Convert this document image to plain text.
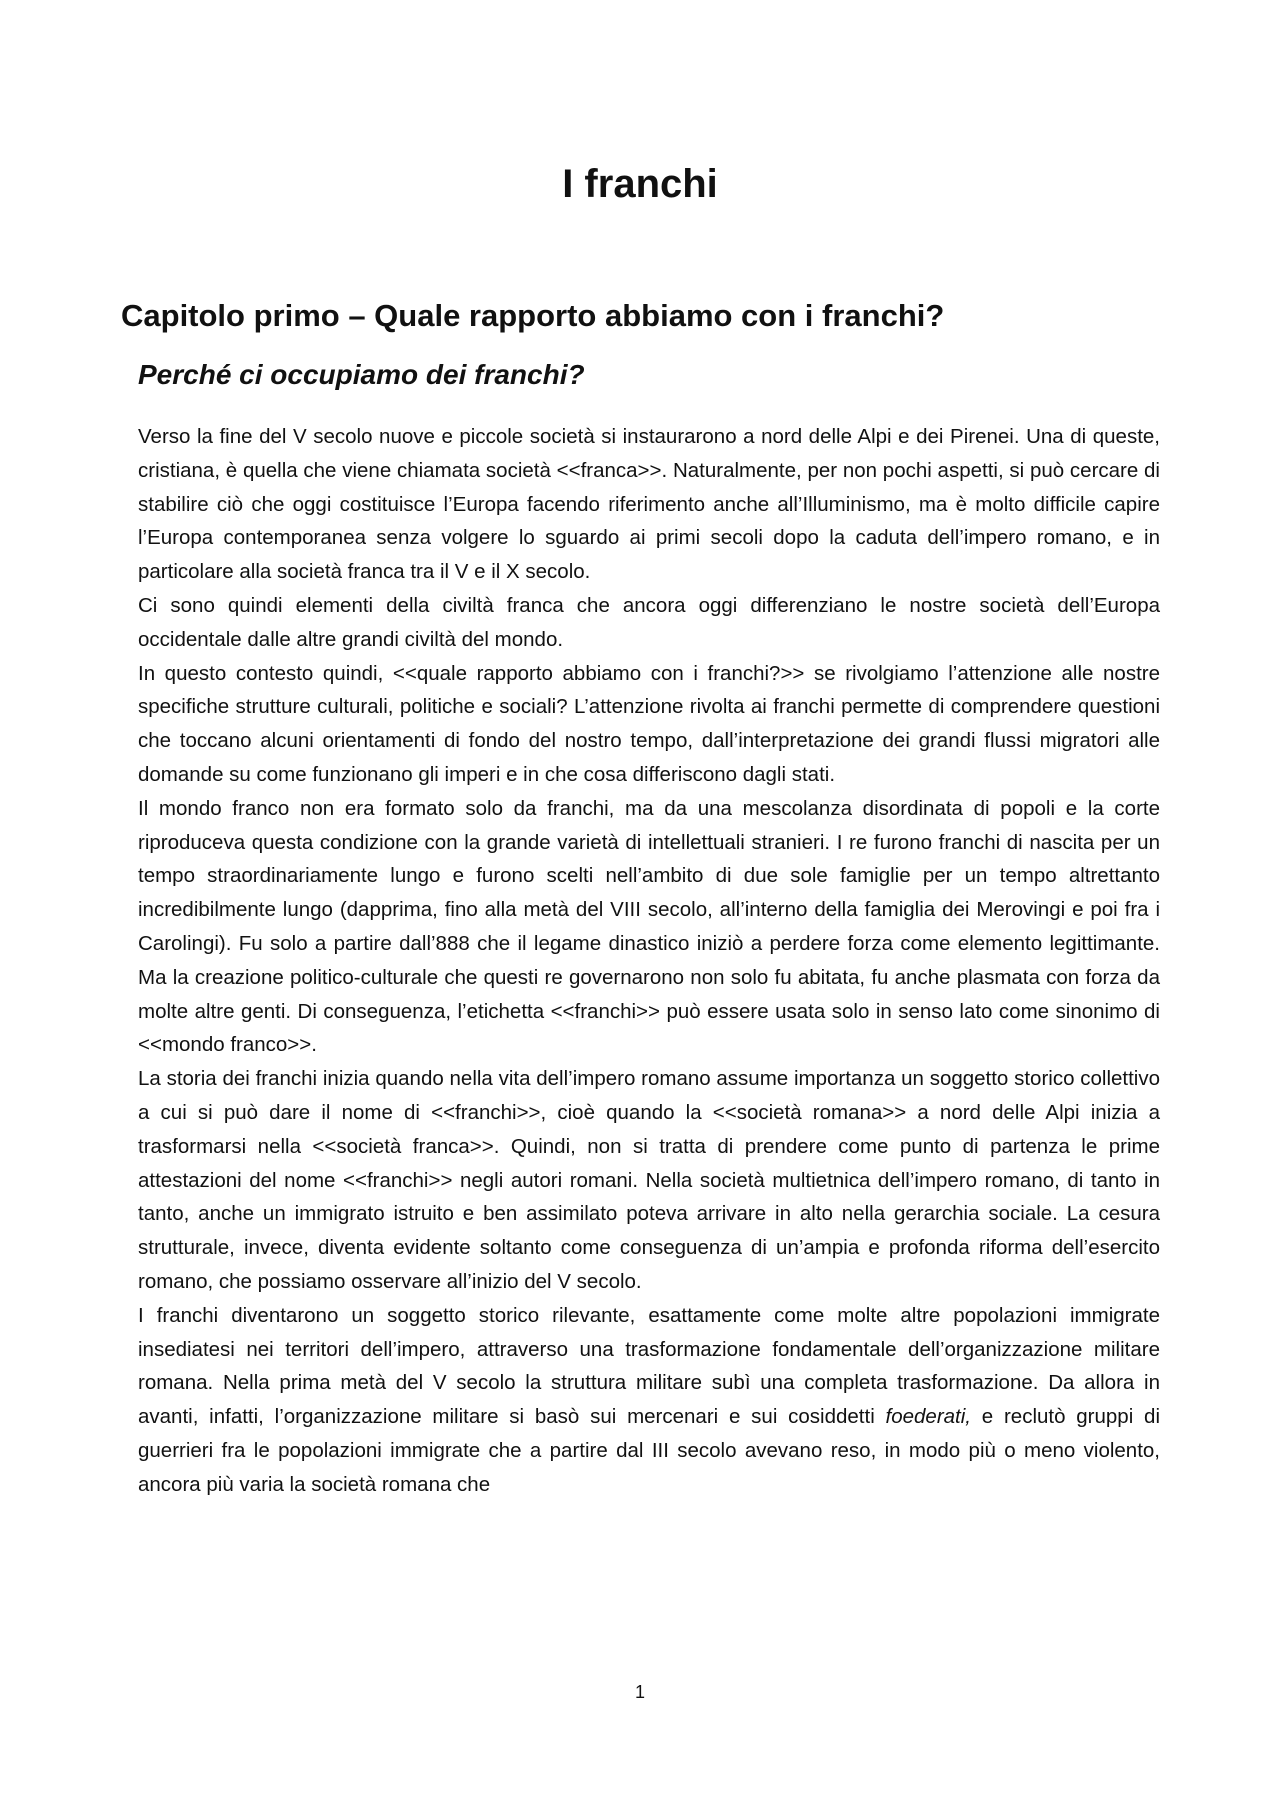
I franchi
Capitolo primo – Quale rapporto abbiamo con i franchi?
Perché ci occupiamo dei franchi?

Verso la fine del V secolo nuove e piccole società si instaurarono a nord delle Alpi e dei Pirenei. Una di queste, cristiana, è quella che viene chiamata società <<franca>>. Naturalmente, per non pochi aspetti, si può cercare di stabilire ciò che oggi costituisce l’Europa facendo riferimento anche all’Illuminismo, ma è molto difficile capire l’Europa contemporanea senza volgere lo sguardo ai primi secoli dopo la caduta dell’impero romano, e in particolare alla società franca tra il V e il X secolo.

Ci sono quindi elementi della civiltà franca che ancora oggi differenziano le nostre società dell’Europa occidentale dalle altre grandi civiltà del mondo.

In questo contesto quindi, <<quale rapporto abbiamo con i franchi?>> se rivolgiamo l’attenzione alle nostre specifiche strutture culturali, politiche e sociali? L’attenzione rivolta ai franchi permette di comprendere questioni che toccano alcuni orientamenti di fondo del nostro tempo, dall’interpretazione dei grandi flussi migratori alle domande su come funzionano gli imperi e in che cosa differiscono dagli stati.

Il mondo franco non era formato solo da franchi, ma da una mescolanza disordinata di popoli e la corte riproduceva questa condizione con la grande varietà di intellettuali stranieri. I re furono franchi di nascita per un tempo straordinariamente lungo e furono scelti nell’ambito di due sole famiglie per un tempo altrettanto incredibilmente lungo (dapprima, fino alla metà del VIII secolo, all’interno della famiglia dei Merovingi e poi fra i Carolingi). Fu solo a partire dall’888 che il legame dinastico iniziò a perdere forza come elemento legittimante. Ma la creazione politico-culturale che questi re governarono non solo fu abitata, fu anche plasmata con forza da molte altre genti. Di conseguenza, l’etichetta <<franchi>> può essere usata solo in senso lato come sinonimo di <<mondo franco>>.

La storia dei franchi inizia quando nella vita dell’impero romano assume importanza un soggetto storico collettivo a cui si può dare il nome di <<franchi>>, cioè quando la <<società romana>> a nord delle Alpi inizia a trasformarsi nella <<società franca>>. Quindi, non si tratta di prendere come punto di partenza le prime attestazioni del nome <<franchi>> negli autori romani. Nella società multietnica dell’impero romano, di tanto in tanto, anche un immigrato istruito e ben assimilato poteva arrivare in alto nella gerarchia sociale. La cesura strutturale, invece, diventa evidente soltanto come conseguenza di un’ampia e profonda riforma dell’esercito romano, che possiamo osservare all’inizio del V secolo.

I franchi diventarono un soggetto storico rilevante, esattamente come molte altre popolazioni immigrate insediatesi nei territori dell’impero, attraverso una trasformazione fondamentale dell’organizzazione militare romana. Nella prima metà del V secolo la struttura militare subì una completa trasformazione. Da allora in avanti, infatti, l’organizzazione militare si basò sui mercenari e sui cosiddetti foederati, e reclutò gruppi di guerrieri fra le popolazioni immigrate che a partire dal III secolo avevano reso, in modo più o meno violento, ancora più varia la società romana che

1
